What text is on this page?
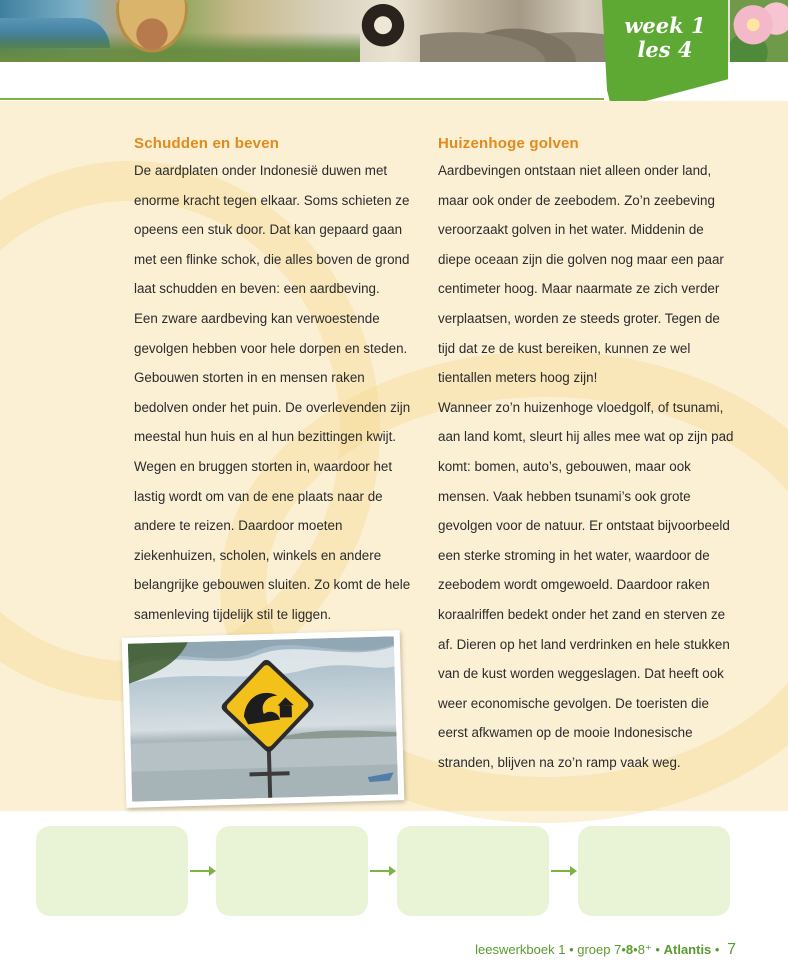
week 1
les 4
Schudden en beven

De aardplaten onder Indonesië duwen met enorme kracht tegen elkaar. Soms schieten ze opeens een stuk door. Dat kan gepaard gaan met een flinke schok, die alles boven de grond laat schudden en beven: een aardbeving.

Een zware aardbeving kan verwoestende gevolgen hebben voor hele dorpen en steden. Gebouwen storten in en mensen raken bedolven onder het puin. De overlevenden zijn meestal hun huis en al hun bezittingen kwijt. Wegen en bruggen storten in, waardoor het lastig wordt om van de ene plaats naar de andere te reizen. Daardoor moeten ziekenhuizen, scholen, winkels en andere belangrijke gebouwen sluiten. Zo komt de hele samenleving tijdelijk stil te liggen.

Huizenhoge golven

Aardbevingen ontstaan niet alleen onder land, maar ook onder de zeebodem. Zo’n zeebeving veroorzaakt golven in het water. Middenin de diepe oceaan zijn die golven nog maar een paar centimeter hoog. Maar naarmate ze zich verder verplaatsen, worden ze steeds groter. Tegen de tijd dat ze de kust bereiken, kunnen ze wel tientallen meters hoog zijn!

Wanneer zo’n huizenhoge vloedgolf, of tsunami, aan land komt, sleurt hij alles mee wat op zijn pad komt: bomen, auto’s, gebouwen, maar ook mensen. Vaak hebben tsunami’s ook grote gevolgen voor de natuur. Er ontstaat bijvoorbeeld een sterke stroming in het water, waardoor de zeebodem wordt omgewoeld. Daardoor raken koraalriffen bedekt onder het zand en sterven ze af. Dieren op het land verdrinken en hele stukken van de kust worden weggeslagen. Dat heeft ook weer economische gevolgen. De toeristen die eerst afkwamen op de mooie Indonesische stranden, blijven na zo’n ramp vaak weg.

leeswerkboek 1 • groep 7•8•8⁺ • Atlantis • 7
